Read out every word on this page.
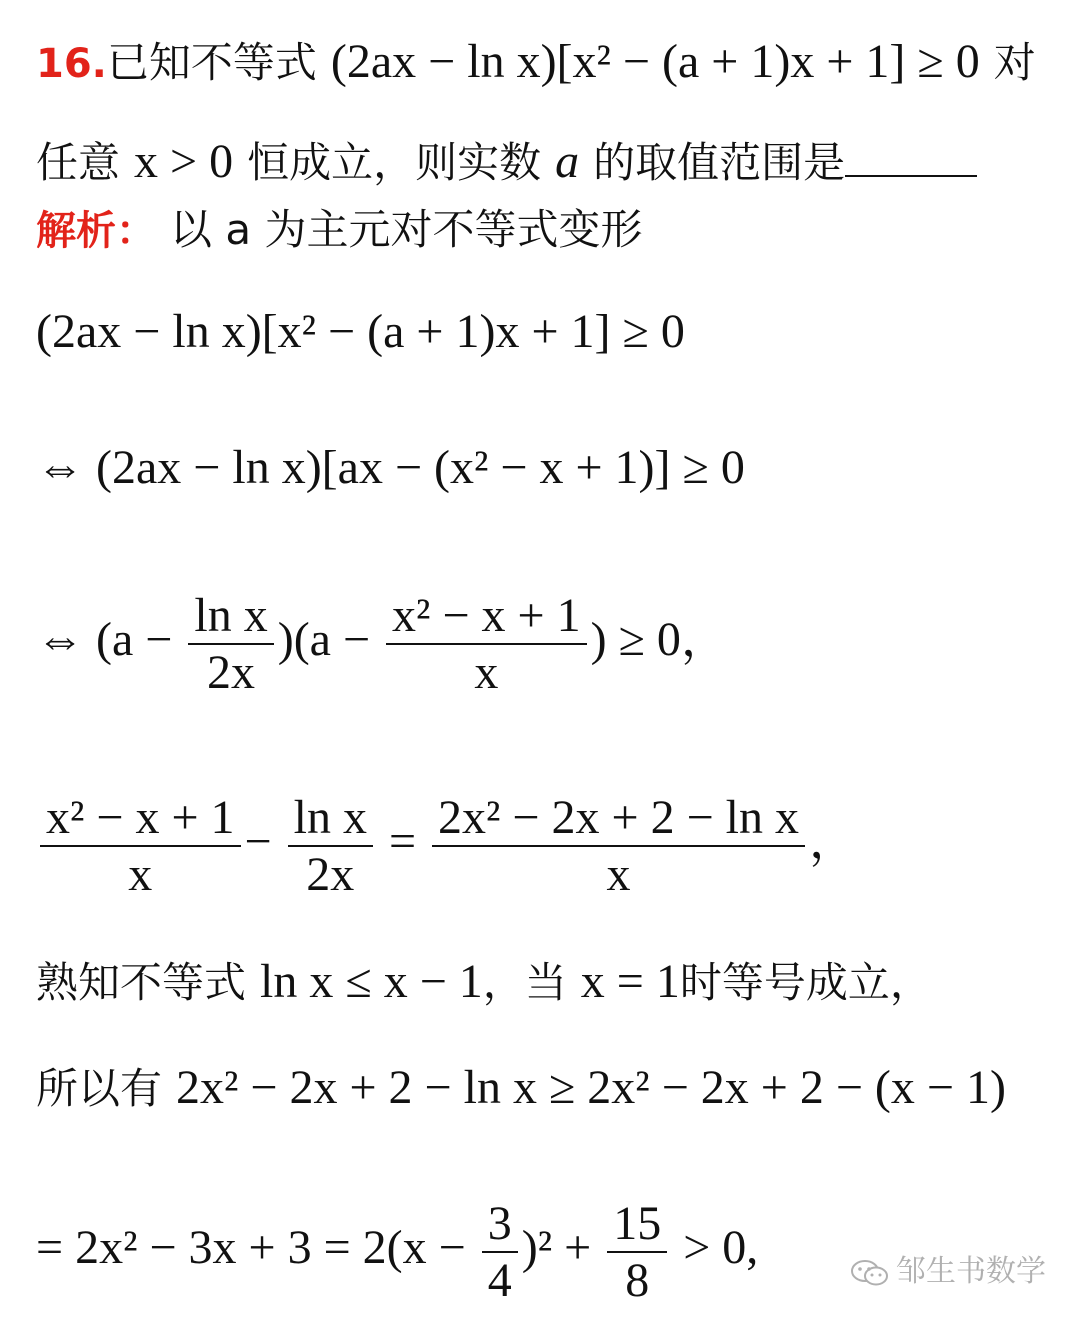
16.已知不等式 (2ax − ln x)[x² − (a + 1)x + 1] ≥ 0 对
任意 x > 0 恒成立，则实数 a 的取值范围是
解析： 以 a 为主元对不等式变形
(2ax − ln x)[x² − (a + 1)x + 1] ≥ 0
⇔ (2ax − ln x)[ax − (x² − x + 1)] ≥ 0
⇔ $(a - \frac{\text{ln x}}{2x} )(a - \frac{\text{x² − x + 1}}{x}$ ) ≥ 0，
$\frac{\text{x² − x + 1}}{x} - \frac{\text{ln x}}{2x} = \frac{\text{2x² − 2x + 2 − ln x}}{x}$ ，
熟知不等式 ln x ≤ x − 1，当 x = 1时等号成立，
所以有 2x² − 2x + 2 − ln x ≥ 2x² − 2x + 2 − (x − 1)
= $2x^2 - 3x + 3 = 2(x - \frac{3}{4} )^2 + \frac{15}{8} > 0$,	邹生书数学
